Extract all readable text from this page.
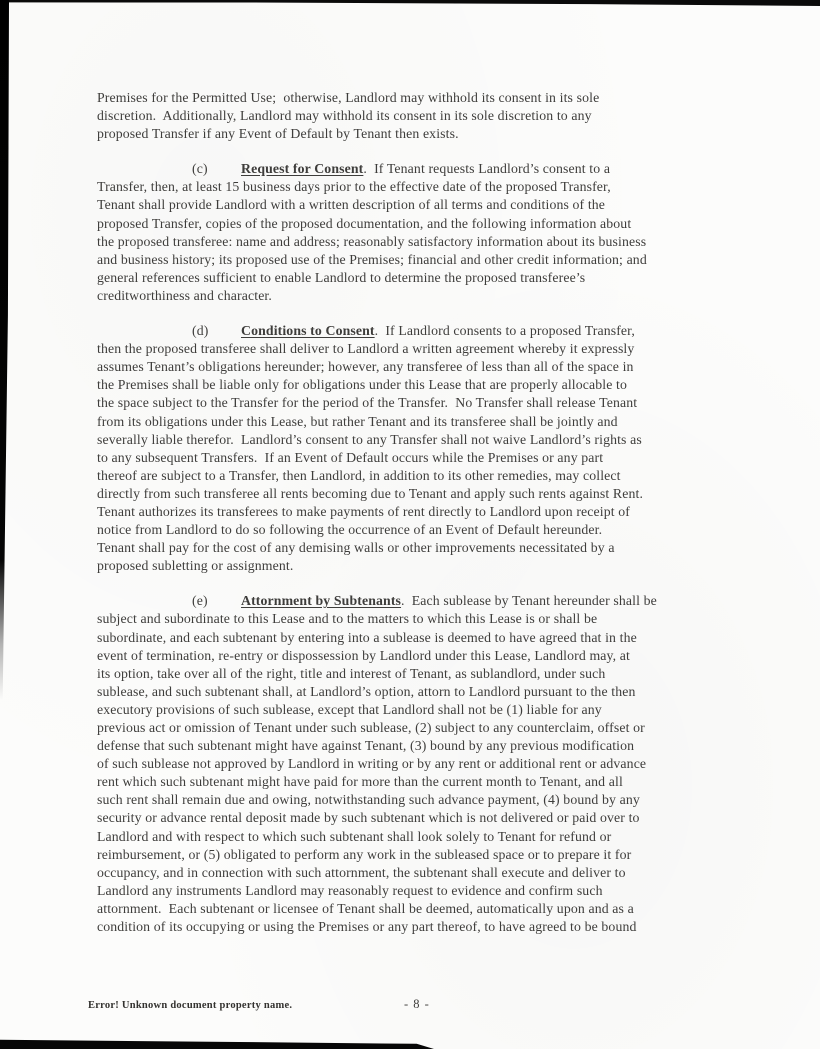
Premises for the Permitted Use;  otherwise, Landlord may withhold its consent in its sole
discretion.  Additionally, Landlord may withhold its consent in its sole discretion to any
proposed Transfer if any Event of Default by Tenant then exists.
(c) Request for Consent.  If Tenant requests Landlord’s consent to a
Transfer, then, at least 15 business days prior to the effective date of the proposed Transfer,
Tenant shall provide Landlord with a written description of all terms and conditions of the
proposed Transfer, copies of the proposed documentation, and the following information about
the proposed transferee: name and address; reasonably satisfactory information about its business
and business history; its proposed use of the Premises; financial and other credit information; and
general references sufficient to enable Landlord to determine the proposed transferee’s
creditworthiness and character.
(d) Conditions to Consent.  If Landlord consents to a proposed Transfer,
then the proposed transferee shall deliver to Landlord a written agreement whereby it expressly
assumes Tenant’s obligations hereunder; however, any transferee of less than all of the space in
the Premises shall be liable only for obligations under this Lease that are properly allocable to
the space subject to the Transfer for the period of the Transfer.  No Transfer shall release Tenant
from its obligations under this Lease, but rather Tenant and its transferee shall be jointly and
severally liable therefor.  Landlord’s consent to any Transfer shall not waive Landlord’s rights as
to any subsequent Transfers.  If an Event of Default occurs while the Premises or any part
thereof are subject to a Transfer, then Landlord, in addition to its other remedies, may collect
directly from such transferee all rents becoming due to Tenant and apply such rents against Rent.
Tenant authorizes its transferees to make payments of rent directly to Landlord upon receipt of
notice from Landlord to do so following the occurrence of an Event of Default hereunder.
Tenant shall pay for the cost of any demising walls or other improvements necessitated by a
proposed subletting or assignment.
(e) Attornment by Subtenants.  Each sublease by Tenant hereunder shall be
subject and subordinate to this Lease and to the matters to which this Lease is or shall be
subordinate, and each subtenant by entering into a sublease is deemed to have agreed that in the
event of termination, re-entry or dispossession by Landlord under this Lease, Landlord may, at
its option, take over all of the right, title and interest of Tenant, as sublandlord, under such
sublease, and such subtenant shall, at Landlord’s option, attorn to Landlord pursuant to the then
executory provisions of such sublease, except that Landlord shall not be (1) liable for any
previous act or omission of Tenant under such sublease, (2) subject to any counterclaim, offset or
defense that such subtenant might have against Tenant, (3) bound by any previous modification
of such sublease not approved by Landlord in writing or by any rent or additional rent or advance
rent which such subtenant might have paid for more than the current month to Tenant, and all
such rent shall remain due and owing, notwithstanding such advance payment, (4) bound by any
security or advance rental deposit made by such subtenant which is not delivered or paid over to
Landlord and with respect to which such subtenant shall look solely to Tenant for refund or
reimbursement, or (5) obligated to perform any work in the subleased space or to prepare it for
occupancy, and in connection with such attornment, the subtenant shall execute and deliver to
Landlord any instruments Landlord may reasonably request to evidence and confirm such
attornment.  Each subtenant or licensee of Tenant shall be deemed, automatically upon and as a
condition of its occupying or using the Premises or any part thereof, to have agreed to be bound
Error! Unknown document property name.	- 8 -
